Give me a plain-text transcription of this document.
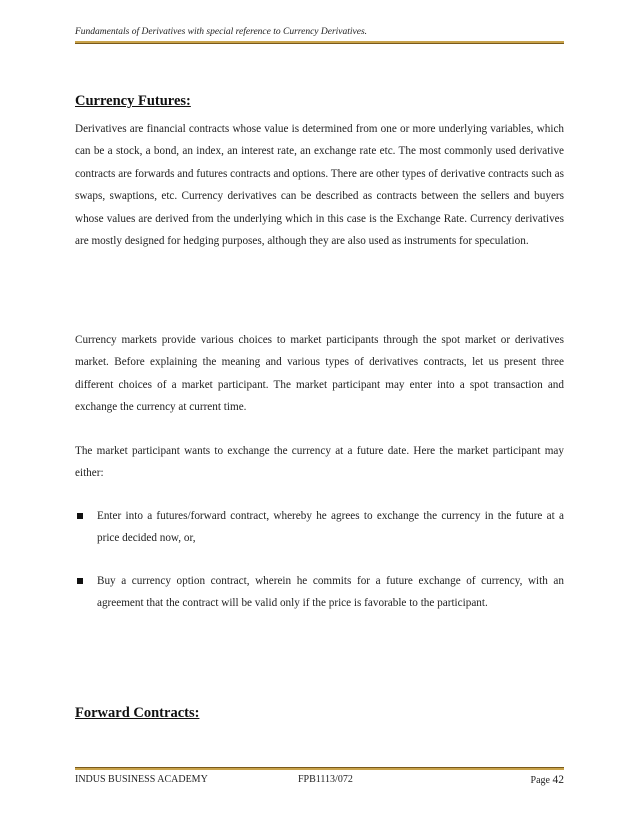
Fundamentals of Derivatives with special reference to Currency Derivatives.
Currency Futures:
Derivatives are financial contracts whose value is determined from one or more underlying variables, which can be a stock, a bond, an index, an interest rate, an exchange rate etc. The most commonly used derivative contracts are forwards and futures contracts and options. There are other types of derivative contracts such as swaps, swaptions, etc. Currency derivatives can be described as contracts between the sellers and buyers whose values are derived from the underlying which in this case is the Exchange Rate. Currency derivatives are mostly designed for hedging purposes, although they are also used as instruments for speculation.
Currency markets provide various choices to market participants through the spot market or derivatives market. Before explaining the meaning and various types of derivatives contracts, let us present three different choices of a market participant. The market participant may enter into a spot transaction and exchange the currency at current time.
The market participant wants to exchange the currency at a future date. Here the market participant may either:
Enter into a futures/forward contract, whereby he agrees to exchange the currency in the future at a price decided now, or,
Buy a currency option contract, wherein he commits for a future exchange of currency, with an agreement that the contract will be valid only if the price is favorable to the participant.
Forward Contracts:
INDUS BUSINESS ACADEMY	FPB1113/072	Page 42
